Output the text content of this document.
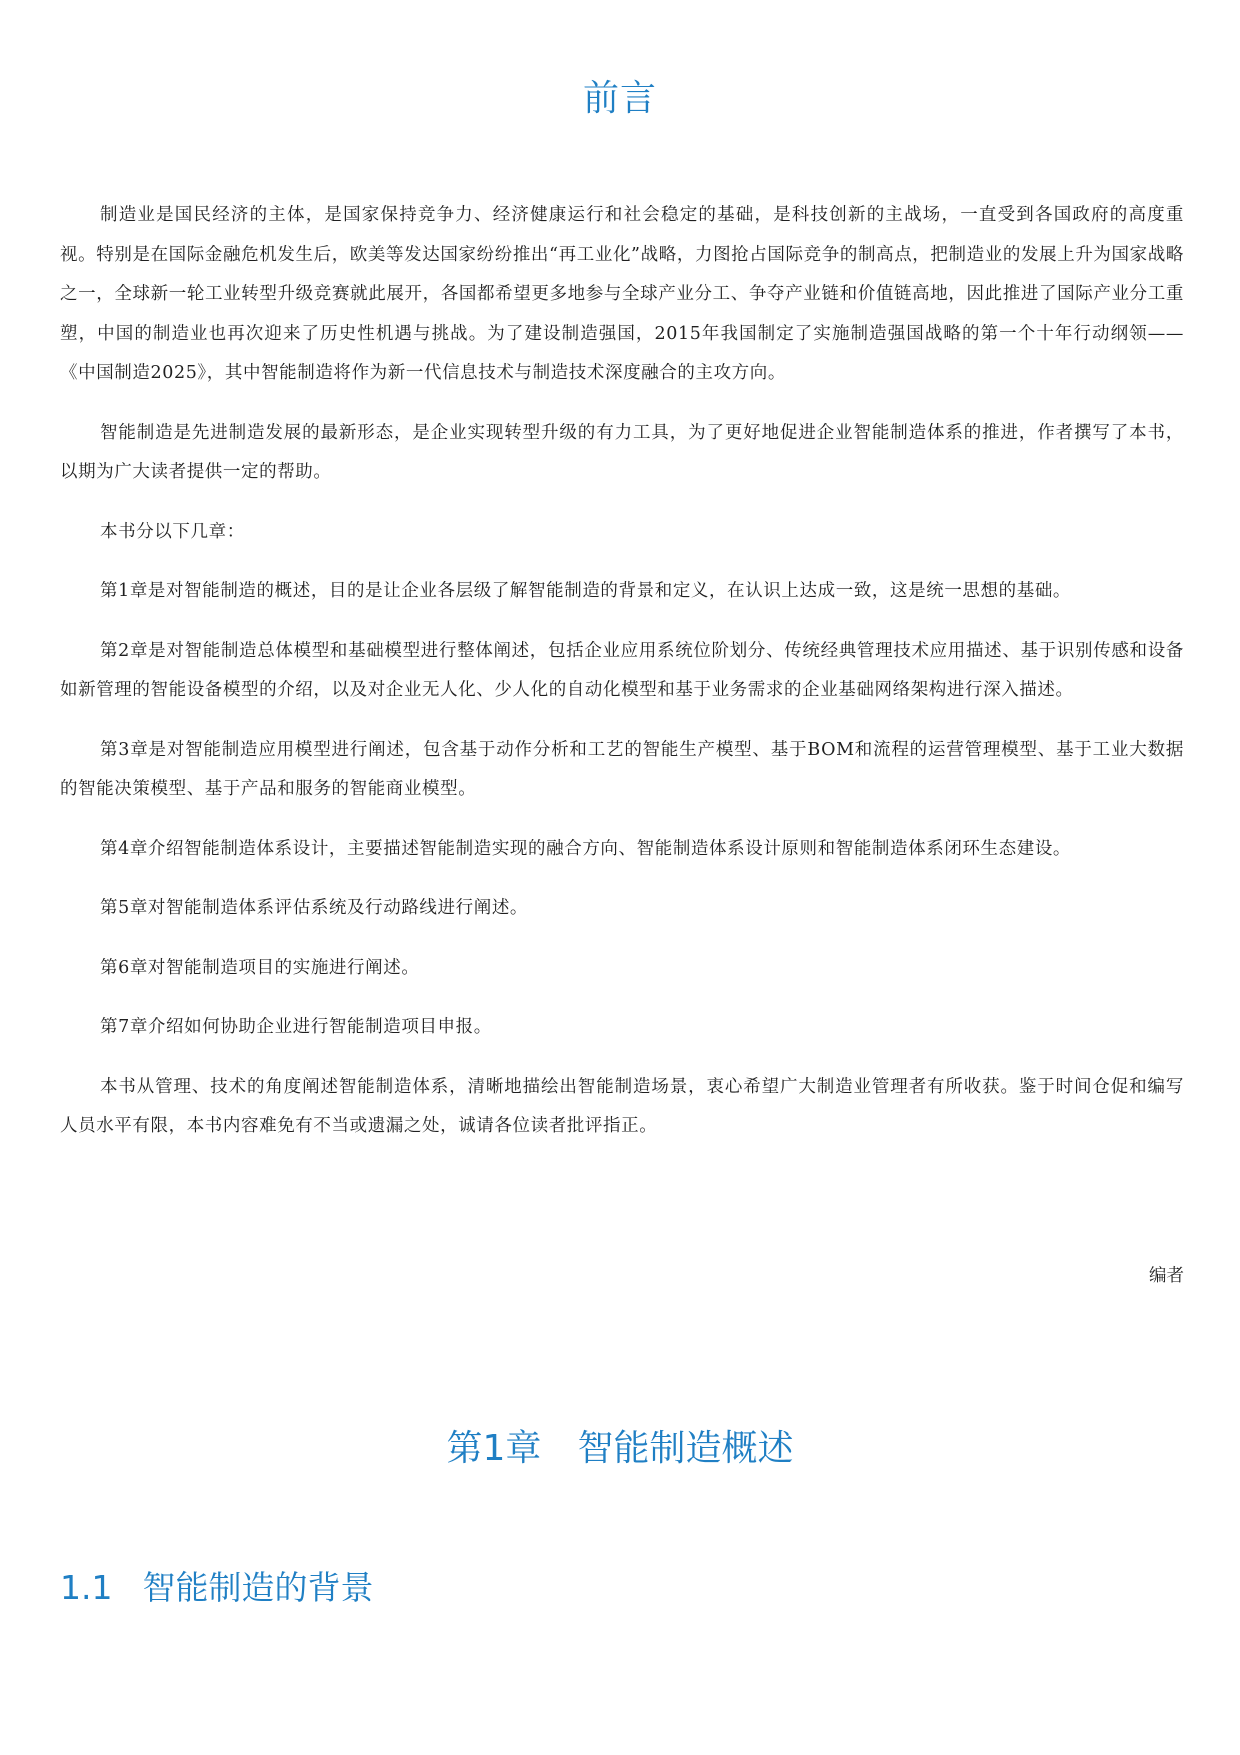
前言

制造业是国民经济的主体，是国家保持竞争力、经济健康运行和社会稳定的基础，是科技创新的主战场，一直受到各国政府的高度重视。特别是在国际金融危机发生后，欧美等发达国家纷纷推出“再工业化”战略，力图抢占国际竞争的制高点，把制造业的发展上升为国家战略之一，全球新一轮工业转型升级竞赛就此展开，各国都希望更多地参与全球产业分工、争夺产业链和价值链高地，因此推进了国际产业分工重塑，中国的制造业也再次迎来了历史性机遇与挑战。为了建设制造强国，2015年我国制定了实施制造强国战略的第一个十年行动纲领——《中国制造2025》，其中智能制造将作为新一代信息技术与制造技术深度融合的主攻方向。

智能制造是先进制造发展的最新形态，是企业实现转型升级的有力工具，为了更好地促进企业智能制造体系的推进，作者撰写了本书，以期为广大读者提供一定的帮助。

本书分以下几章：

第1章是对智能制造的概述，目的是让企业各层级了解智能制造的背景和定义，在认识上达成一致，这是统一思想的基础。

第2章是对智能制造总体模型和基础模型进行整体阐述，包括企业应用系统位阶划分、传统经典管理技术应用描述、基于识别传感和设备如新管理的智能设备模型的介绍，以及对企业无人化、少人化的自动化模型和基于业务需求的企业基础网络架构进行深入描述。

第3章是对智能制造应用模型进行阐述，包含基于动作分析和工艺的智能生产模型、基于BOM和流程的运营管理模型、基于工业大数据的智能决策模型、基于产品和服务的智能商业模型。

第4章介绍智能制造体系设计，主要描述智能制造实现的融合方向、智能制造体系设计原则和智能制造体系闭环生态建设。

第5章对智能制造体系评估系统及行动路线进行阐述。

第6章对智能制造项目的实施进行阐述。

第7章介绍如何协助企业进行智能制造项目申报。

本书从管理、技术的角度阐述智能制造体系，清晰地描绘出智能制造场景，衷心希望广大制造业管理者有所收获。鉴于时间仓促和编写人员水平有限，本书内容难免有不当或遗漏之处，诚请各位读者批评指正。

编者

第1章 智能制造概述
1.1 智能制造的背景
